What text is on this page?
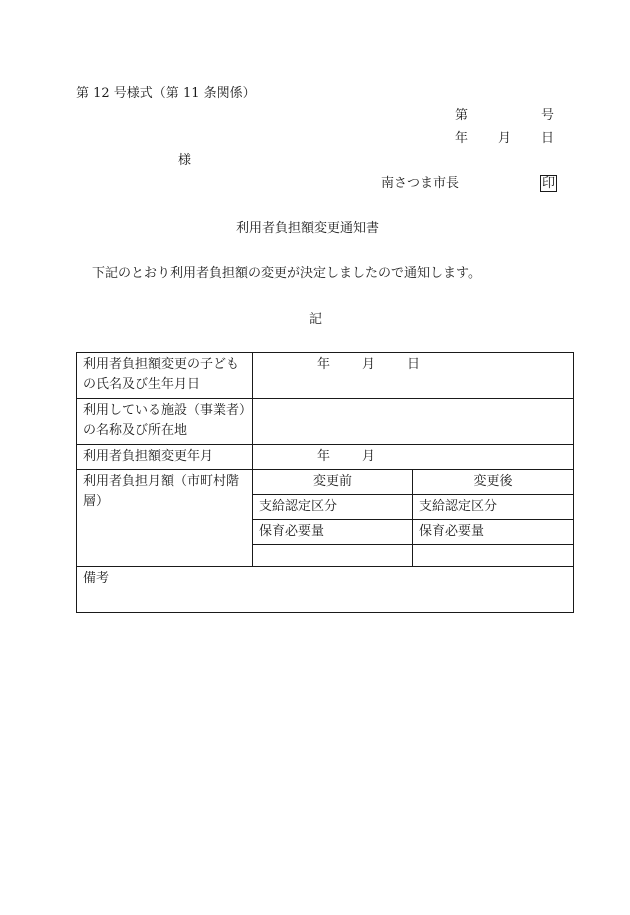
第 12 号様式（第 11 条関係）
第	号
年 月 日
様
南さつま市長	印
利用者負担額変更通知書
下記のとおり利用者負担額の変更が決定しましたので通知します。
記
利用者負担額変更の子どもの氏名及び生年月日	年 月 日	
利用している施設（事業者）の名称及び所在地		
利用者負担額変更年月	年 月	
利用者負担月額（市町村階層）	変更前	変更後
	支給認定区分	支給認定区分
	保育必要量	保育必要量

備考		
